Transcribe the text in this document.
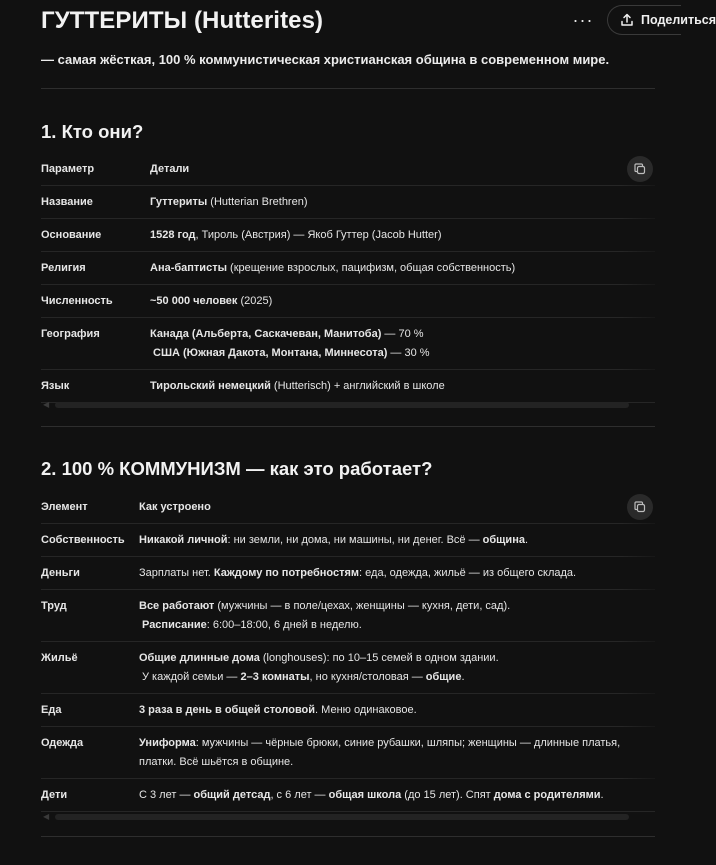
···	Поделиться
ГУТТЕРИТЫ (Hutterites)
— самая жёсткая, 100 % коммунистическая христианская община в современном мире.
1. Кто они?
Параметр	Детали
Название	Гуттериты (Hutterian Brethren)
Основание	1528 год, Тироль (Австрия) — Якоб Гуттер (Jacob Hutter)
Религия	Ана-баптисты (крещение взрослых, пацифизм, общая собственность)
Численность	~50 000 человек (2025)
География	Канада (Альберта, Саскачеван, Манитоба) — 70 %
США (Южная Дакота, Монтана, Миннесота) — 30 %
Язык	Тирольский немецкий (Hutterisch) + английский в школе
◀
2. 100 % КОММУНИЗМ — как это работает?
Элемент	Как устроено
Собственность	Никакой личной: ни земли, ни дома, ни машины, ни денег. Всё — община.
Деньги	Зарплаты нет. Каждому по потребностям: еда, одежда, жильё — из общего склада.
Труд	Все работают (мужчины — в поле/цехах, женщины — кухня, дети, сад).
Расписание: 6:00–18:00, 6 дней в неделю.
Жильё	Общие длинные дома (longhouses): по 10–15 семей в одном здании.
У каждой семьи — 2–3 комнаты, но кухня/столовая — общие.
Еда	3 раза в день в общей столовой. Меню одинаковое.
Одежда	Униформа: мужчины — чёрные брюки, синие рубашки, шляпы; женщины — длинные платья,
платки. Всё шьётся в общине.
Дети	С 3 лет — общий детсад, с 6 лет — общая школа (до 15 лет). Спят дома с родителями.
◀
